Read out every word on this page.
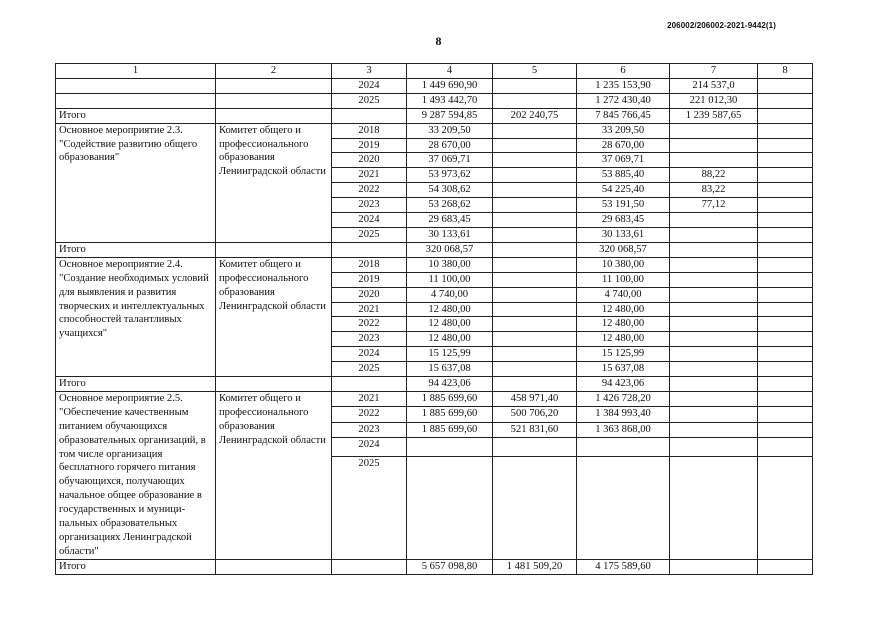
206002/206002-2021-9442(1)
8
1	2	3	4	5	6	7	8
		2024	1 449 690,90		1 235 153,90	214 537,0	
		2025	1 493 442,70		1 272 430,40	221 012,30	
Итого			9 287 594,85	202 240,75	7 845 766,45	1 239 587,65	
Основное мероприятие 2.3. "Содействие развитию общего образования"	Комитет общего и профессионального образования Ленинградской области	2018	33 209,50		33 209,50		
		2019	28 670,00		28 670,00		
		2020	37 069,71		37 069,71		
		2021	53 973,62		53 885,40	88,22	
		2022	54 308,62		54 225,40	83,22	
		2023	53 268,62		53 191,50	77,12	
		2024	29 683,45		29 683,45		
		2025	30 133,61		30 133,61		
Итого			320 068,57		320 068,57		
Основное мероприятие 2.4. "Создание необходимых условий для выявления и развития творческих и интеллектуальных способностей талантливых учащихся"	Комитет общего и профессионального образования Ленинградской области	2018	10 380,00		10 380,00		
		2019	11 100,00		11 100,00		
		2020	4 740,00		4 740,00		
		2021	12 480,00		12 480,00		
		2022	12 480,00		12 480,00		
		2023	12 480,00		12 480,00		
		2024	15 125,99		15 125,99		
		2025	15 637,08		15 637,08		
Итого			94 423,06		94 423,06		
Основное мероприятие 2.5. "Обеспечение качественным питанием обучающихся образовательных организаций, в том числе организация бесплатного горячего питания обучающихся, получающих начальное общее образование в государственных и муници-пальных образовательных организациях Ленинградской области"	Комитет общего и профессионального образования Ленинградской области	2021	1 885 699,60	458 971,40	1 426 728,20		
		2022	1 885 699,60	500 706,20	1 384 993,40		
		2023	1 885 699,60	521 831,60	1 363 868,00		
		2024					
		2025					
Итого			5 657 098,80	1 481 509,20	4 175 589,60		
